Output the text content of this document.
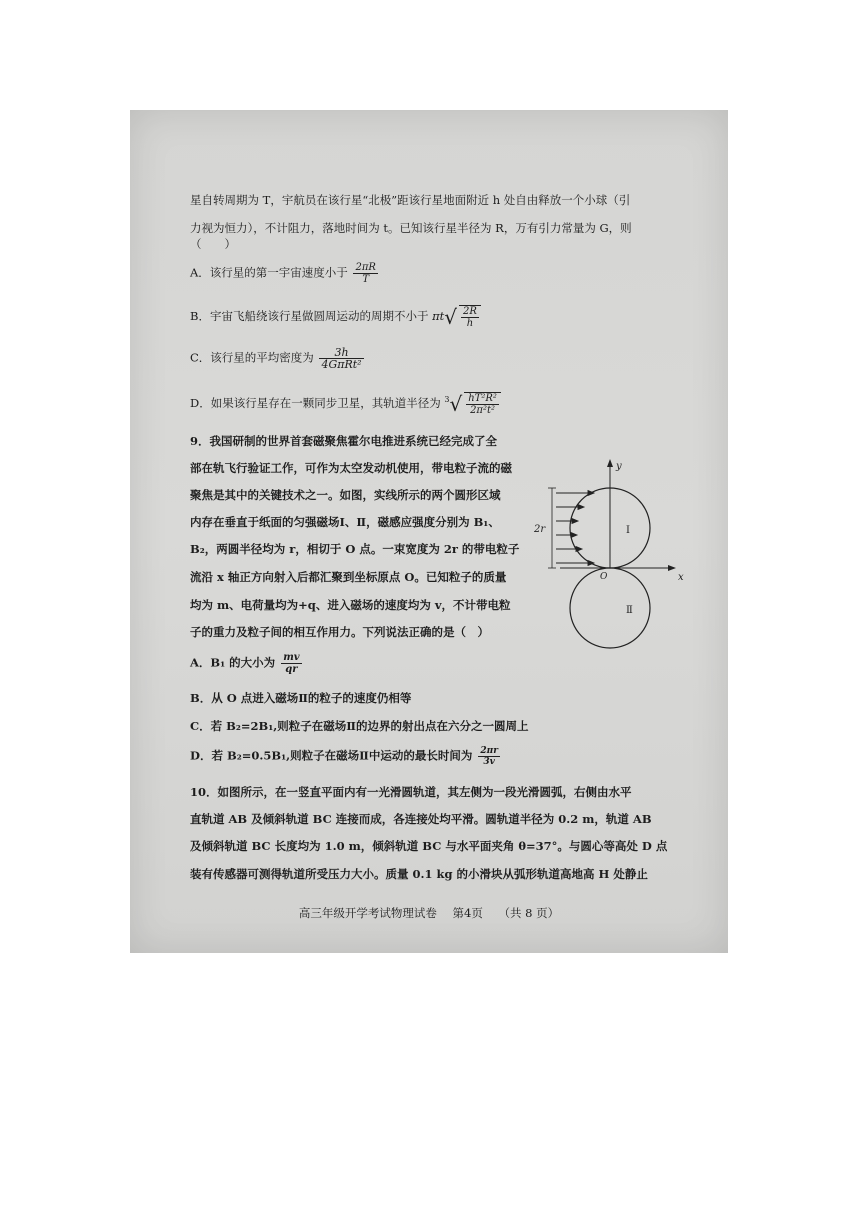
星自转周期为 T，宇航员在该行星“北极”距该行星地面附近 h 处自由释放一个小球（引
力视为恒力），不计阻力，落地时间为 t。已知该行星半径为 R，万有引力常量为 G，则
（　　）
A．该行星的第一宇宙速度小于 $\frac{2\pi R}{T}$
B．宇宙飞船绕该行星做圆周运动的周期不小于 $\pi t√ \frac{2R}{h}$
C．该行星的平均密度为 $\frac{3h}{\text{4GπRt²}}$
D．如果该行星存在一颗同步卫星，其轨道半径为 $^3√ \frac{\text{hT²R²}}{\text{2π²t²}}$
9．我国研制的世界首套磁聚焦霍尔电推进系统已经完成了全
部在轨飞行验证工作，可作为太空发动机使用，带电粒子流的磁
聚焦是其中的关键技术之一。如图，实线所示的两个圆形区域
内存在垂直于纸面的匀强磁场Ⅰ、Ⅱ，磁感应强度分别为 B₁、
B₂，两圆半径均为 r，相切于 O 点。一束宽度为 2r 的带电粒子
流沿 x 轴正方向射入后都汇聚到坐标原点 O。已知粒子的质量
均为 m、电荷量均为+q、进入磁场的速度均为 v，不计带电粒
子的重力及粒子间的相互作用力。下列说法正确的是（　）
A．B₁ 的大小为 $\frac{mv}{qr}$
B．从 O 点进入磁场Ⅱ的粒子的速度仍相等
C．若 B₂=2B₁,则粒子在磁场Ⅱ的边界的射出点在六分之一圆周上
D．若 B₂=0.5B₁,则粒子在磁场Ⅱ中运动的最长时间为 $\frac{2\pi r}{3v}$
10．如图所示，在一竖直平面内有一光滑圆轨道，其左侧为一段光滑圆弧，右侧由水平
直轨道 AB 及倾斜轨道 BC 连接而成，各连接处均平滑。圆轨道半径为 0.2 m，轨道 AB
及倾斜轨道 BC 长度均为 1.0 m，倾斜轨道 BC 与水平面夹角 θ=37°。与圆心等高处 D 点
装有传感器可测得轨道所受压力大小。质量 0.1 kg 的小滑块从弧形轨道高地高 H 处静止
2r
y
x
O
Ⅰ
Ⅱ
高三年级开学考试物理试卷 第4页 （共 8 页）
